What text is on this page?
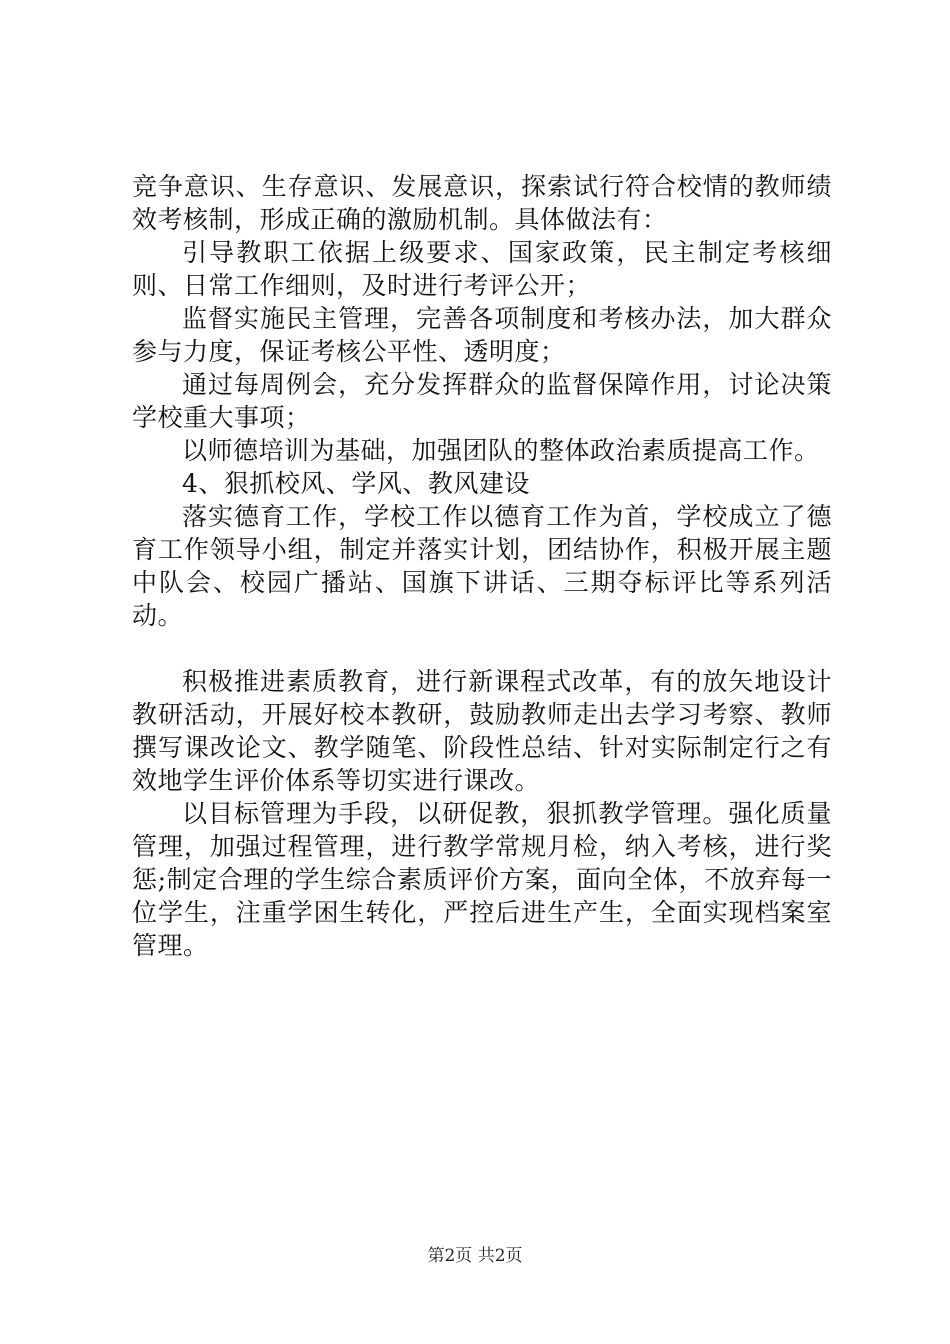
竞争意识、生存意识、发展意识，探索试行符合校情的教师绩效考核制，形成正确的激励机制。具体做法有：

引导教职工依据上级要求、国家政策，民主制定考核细则、日常工作细则，及时进行考评公开；

监督实施民主管理，完善各项制度和考核办法，加大群众参与力度，保证考核公平性、透明度；

通过每周例会，充分发挥群众的监督保障作用，讨论决策学校重大事项；

以师德培训为基础，加强团队的整体政治素质提高工作。

4、狠抓校风、学风、教风建设

落实德育工作，学校工作以德育工作为首，学校成立了德育工作领导小组，制定并落实计划，团结协作，积极开展主题中队会、校园广播站、国旗下讲话、三期夺标评比等系列活动。

积极推进素质教育，进行新课程式改革，有的放矢地设计教研活动，开展好校本教研，鼓励教师走出去学习考察、教师撰写课改论文、教学随笔、阶段性总结、针对实际制定行之有效地学生评价体系等切实进行课改。

以目标管理为手段，以研促教，狠抓教学管理。强化质量管理，加强过程管理，进行教学常规月检，纳入考核，进行奖惩;制定合理的学生综合素质评价方案，面向全体，不放弃每一位学生，注重学困生转化，严控后进生产生，全面实现档案室管理。

第2页 共2页
